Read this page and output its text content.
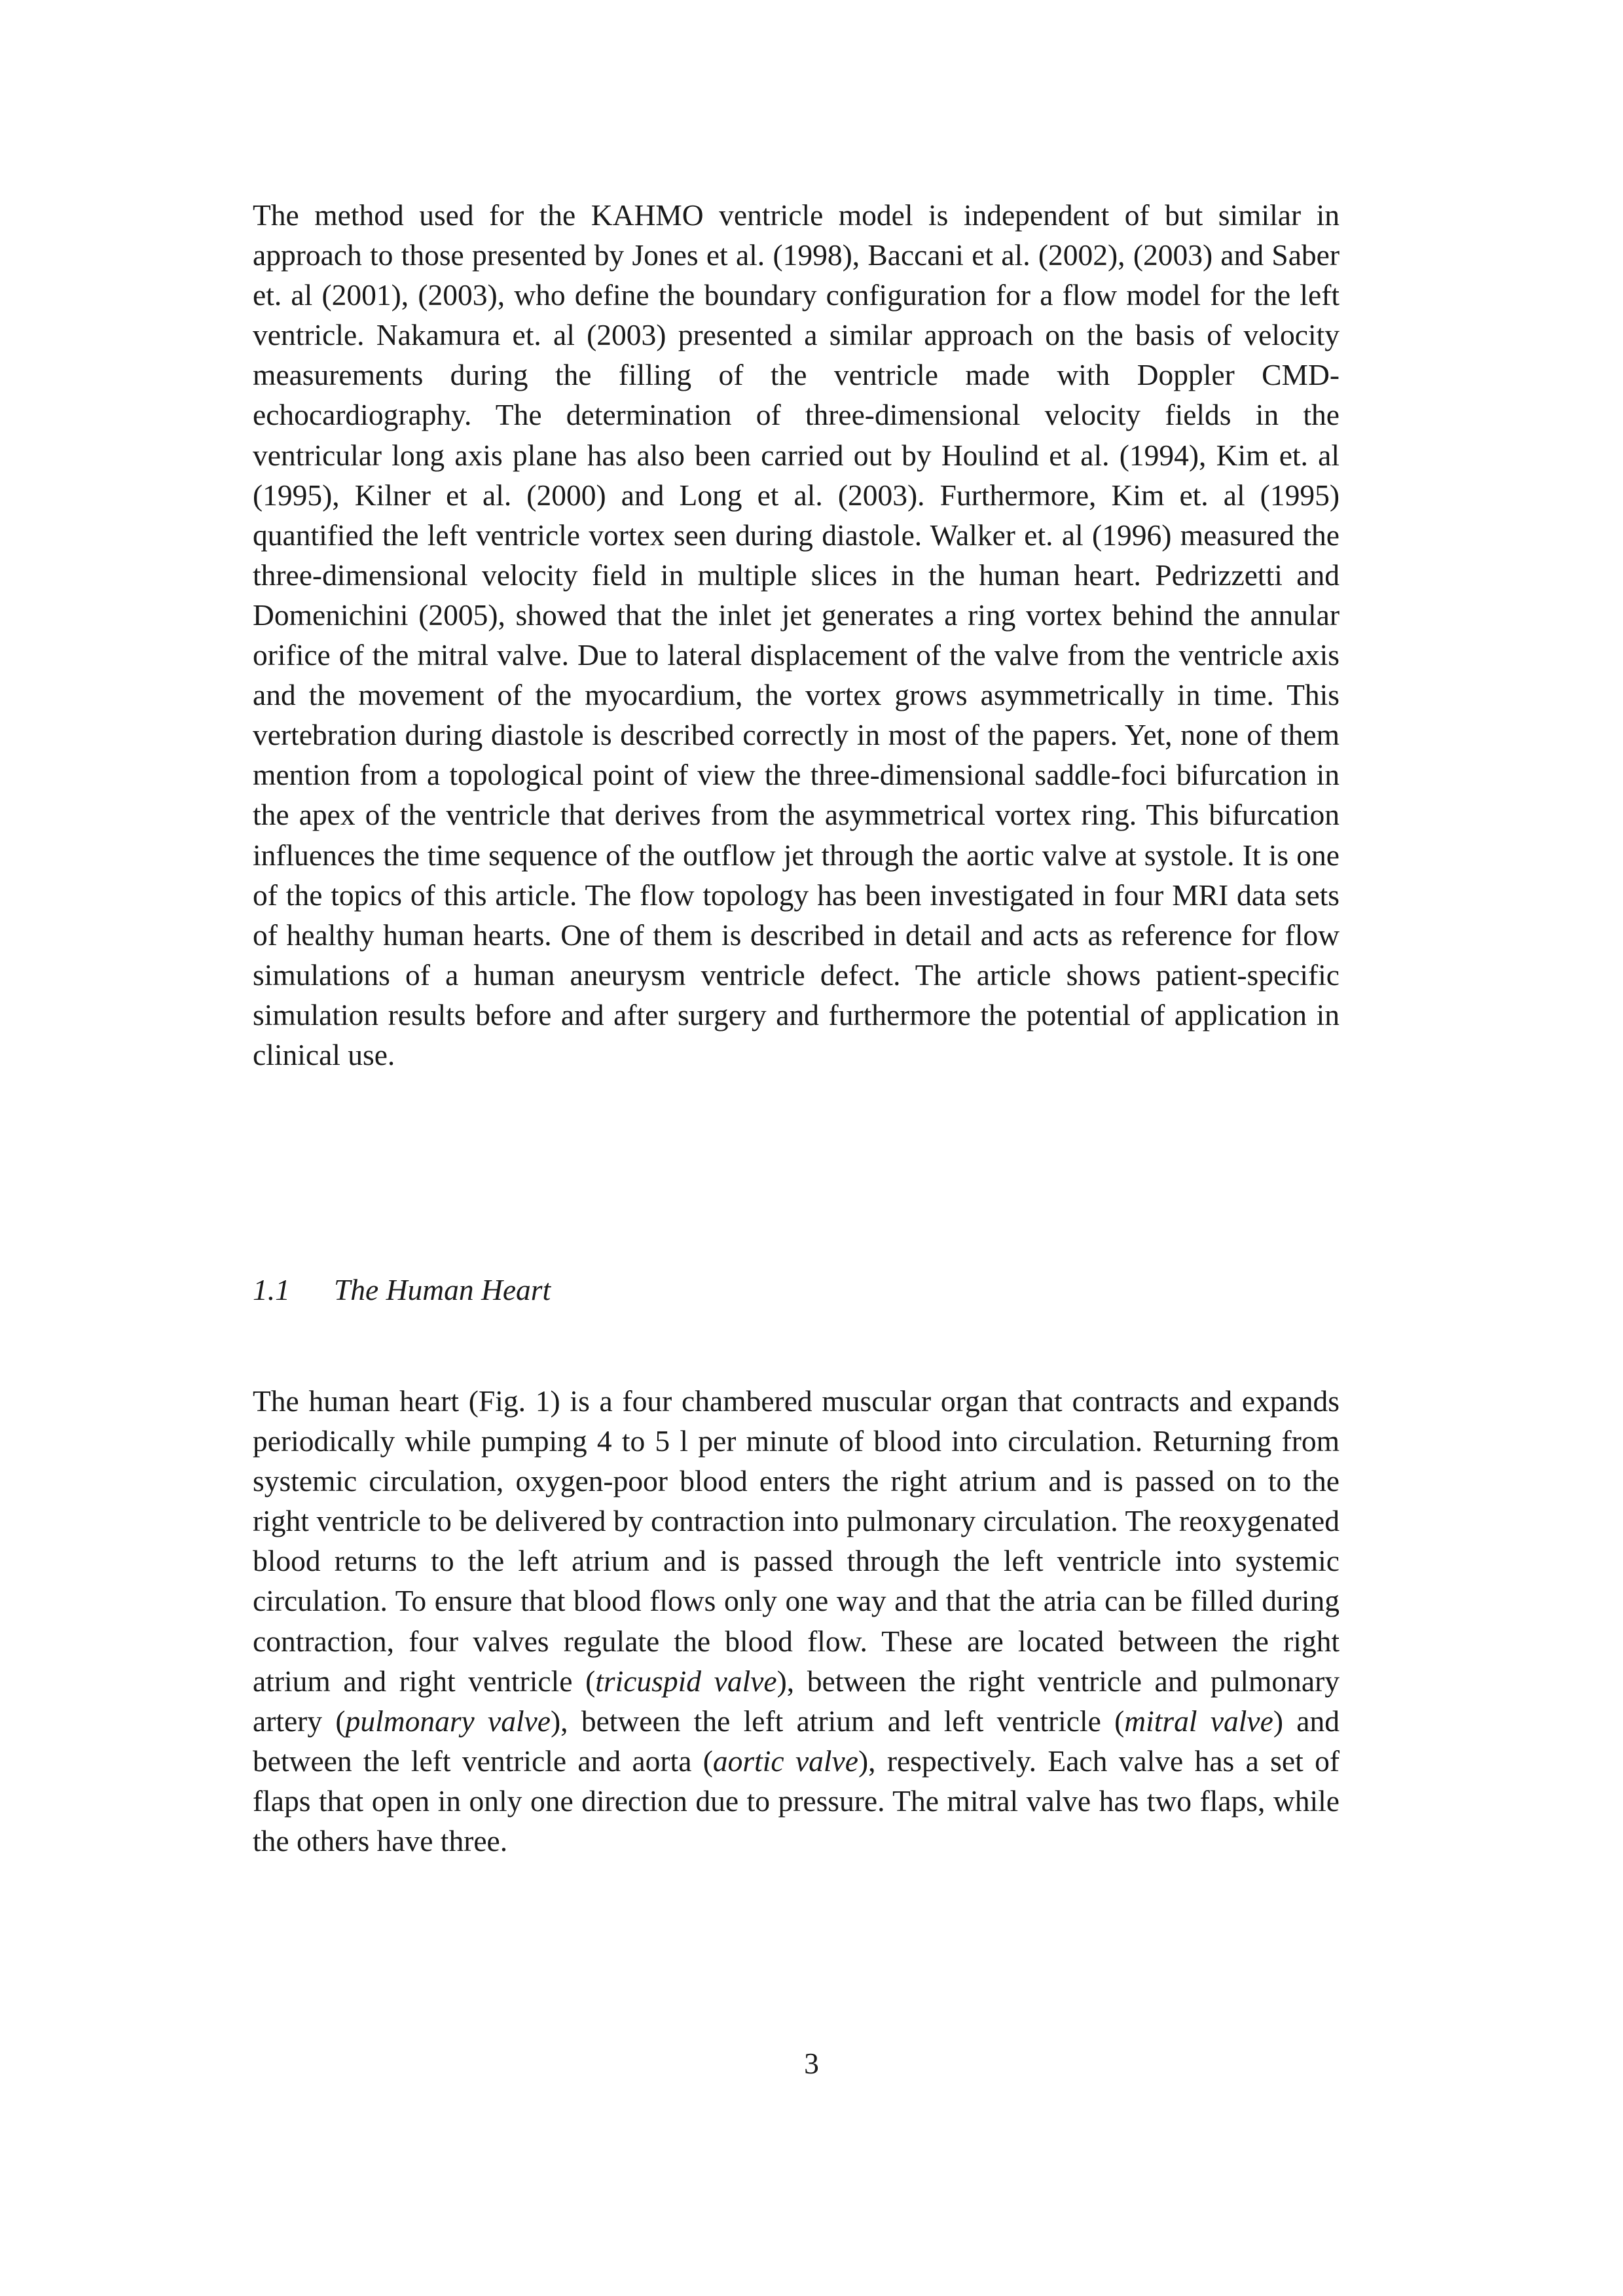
The method used for the KAHMO ventricle model is independent of but similar in approach to those presented by Jones et al. (1998), Baccani et al. (2002), (2003) and Saber et. al (2001), (2003), who define the boundary configuration for a flow model for the left ventricle. Nakamura et. al (2003) presented a similar approach on the basis of velocity measurements during the filling of the ventricle made with Doppler CMD- echocardiography. The determination of three-dimensional velocity fields in the ventricular long axis plane has also been carried out by Houlind et al. (1994), Kim et. al (1995), Kilner et al. (2000) and Long et al. (2003). Furthermore, Kim et. al (1995) quantified the left ventricle vortex seen during diastole. Walker et. al (1996) measured the three-dimensional velocity field in multiple slices in the human heart. Pedrizzetti and Domenichini (2005), showed that the inlet jet generates a ring vortex behind the annular orifice of the mitral valve. Due to lateral displacement of the valve from the ventricle axis and the movement of the myocardium, the vortex grows asymmetrically in time. This vertebration during diastole is described correctly in most of the papers. Yet, none of them mention from a topological point of view the three-dimensional saddle-foci bifurcation in the apex of the ventricle that derives from the asymmetrical vortex ring. This bifurcation influences the time sequence of the outflow jet through the aortic valve at systole. It is one of the topics of this article. The flow topology has been investigated in four MRI data sets of healthy human hearts. One of them is described in detail and acts as reference for flow simulations of a human aneurysm ventricle defect. The article shows patient-specific simulation results before and after surgery and furthermore the potential of application in clinical use.

1.1 The Human Heart

The human heart (Fig. 1) is a four chambered muscular organ that contracts and expands periodically while pumping 4 to 5 l per minute of blood into circulation. Returning from systemic circulation, oxygen-poor blood enters the right atrium and is passed on to the right ventricle to be delivered by contraction into pulmonary circulation. The reoxygenated blood returns to the left atrium and is passed through the left ventricle into systemic circulation. To ensure that blood flows only one way and that the atria can be filled during contraction, four valves regulate the blood flow. These are located between the right atrium and right ventricle (tricuspid valve), between the right ventricle and pulmonary artery (pulmonary valve), between the left atrium and left ventricle (mitral valve) and between the left ventricle and aorta (aortic valve), respectively. Each valve has a set of flaps that open in only one direction due to pressure. The mitral valve has two flaps, while the others have three.

3
